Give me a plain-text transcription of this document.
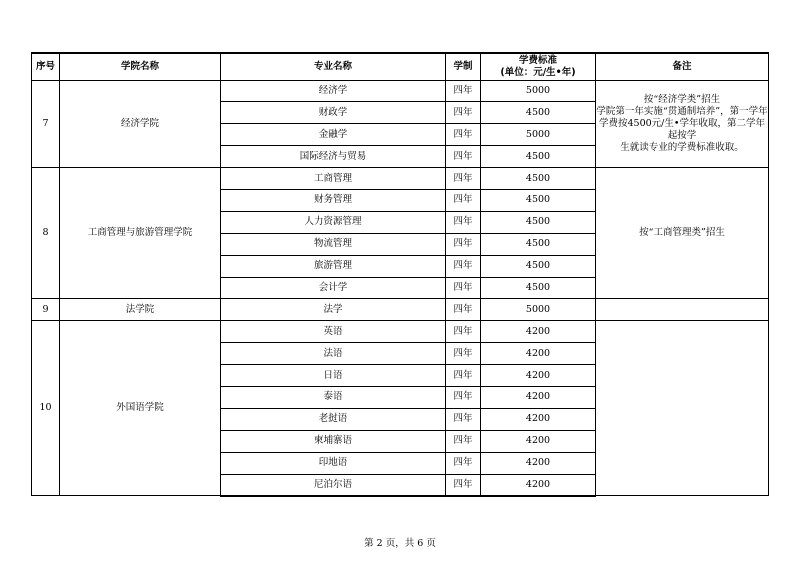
序号	学院名称	专业名称	学制	学费标准
(单位：元/生•年)	备注
7	经济学院	经济学	四年	5000	按“经济学类”招生
学院第一年实施“贯通制培养”，第一学年
学费按4500元/生•学年收取，第二学年起按学
生就读专业的学费标准收取。

		财政学	四年	4500	
		金融学	四年	5000	
		国际经济与贸易	四年	4500	
8	工商管理与旅游管理学院	工商管理	四年	4500	按“工商管理类”招生

		财务管理	四年	4500	
		人力资源管理	四年	4500	
		物流管理	四年	4500	
		旅游管理	四年	4500	
		会计学	四年	4500	
9	法学院	法学	四年	5000	
10	外国语学院	英语	四年	4200	
		法语	四年	4200	
		日语	四年	4200	
		泰语	四年	4200	
		老挝语	四年	4200	
		柬埔寨语	四年	4200	
		印地语	四年	4200	
		尼泊尔语	四年	4200	
第 2 页，共 6 页
